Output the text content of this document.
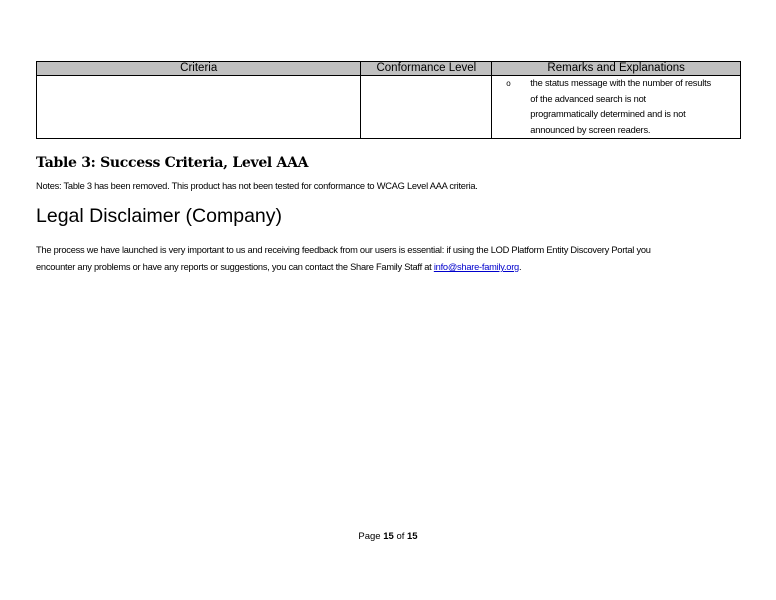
Criteria	Conformance Level	Remarks and Explanations

		o the status message with the number of results
of the advanced search is not
programmatically determined and is not
announced by screen readers.
Table 3: Success Criteria, Level AAA
Notes: Table 3 has been removed. This product has not been tested for conformance to WCAG Level AAA criteria.
Legal Disclaimer (Company)
The process we have launched is very important to us and receiving feedback from our users is essential: if using the LOD Platform Entity Discovery Portal you
encounter any problems or have any reports or suggestions, you can contact the Share Family Staff at info@share-family.org.
Page 15 of 15
